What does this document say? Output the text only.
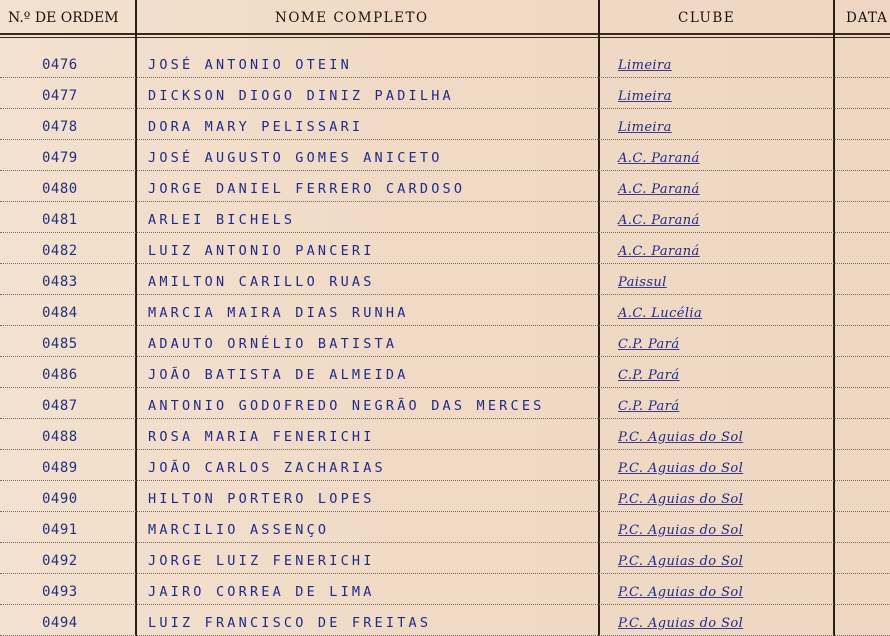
N.º DE ORDEM	NOME COMPLETO	CLUBE	DATA
0476	JOSÉ ANTONIO OTEIN	Limeira
0477	DICKSON DIOGO DINIZ PADILHA	Limeira
0478	DORA MARY PELISSARI	Limeira
0479	JOSÉ AUGUSTO GOMES ANICETO	A.C. Paraná
0480	JORGE DANIEL FERRERO CARDOSO	A.C. Paraná
0481	ARLEI BICHELS	A.C. Paraná
0482	LUIZ ANTONIO PANCERI	A.C. Paraná
0483	AMILTON CARILLO RUAS	Paissul
0484	MARCIA MAIRA DIAS RUNHA	A.C. Lucélia
0485	ADAUTO ORNÉLIO BATISTA	C.P. Pará
0486	JOÃO BATISTA DE ALMEIDA	C.P. Pará
0487	ANTONIO GODOFREDO NEGRÃO DAS MERCES	C.P. Pará
0488	ROSA MARIA FENERICHI	P.C. Aguias do Sol
0489	JOÃO CARLOS ZACHARIAS	P.C. Aguias do Sol
0490	HILTON PORTERO LOPES	P.C. Aguias do Sol
0491	MARCILIO ASSENÇO	P.C. Aguias do Sol
0492	JORGE LUIZ FENERICHI	P.C. Aguias do Sol
0493	JAIRO CORREA DE LIMA	P.C. Aguias do Sol
0494	LUIZ FRANCISCO DE FREITAS	P.C. Aguias do Sol
